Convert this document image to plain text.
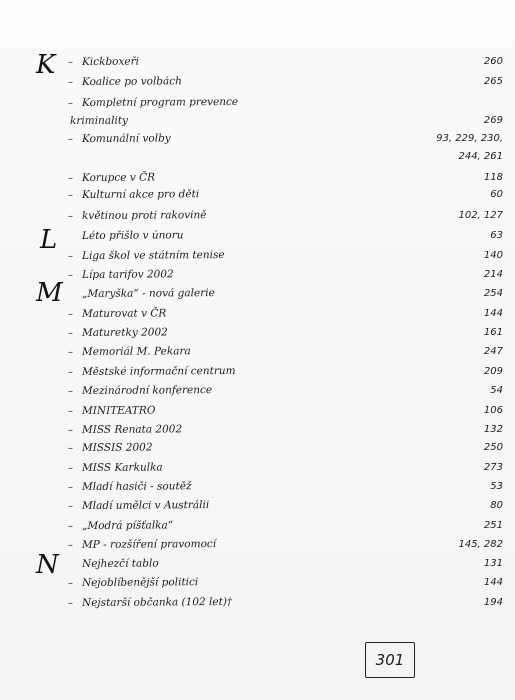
K
L
M
N
– Kickboxeři	260
– Koalice po volbách	265
– Kompletní program prevence
kriminality	269
– Komunální volby	93, 229, 230,
244, 261
– Korupce v ČR	118
– Kulturní akce pro děti	60
– květinou proti rakovině	102, 127
Léto přišlo v únoru	63
– Liga škol ve státním tenise	140
– Lípa tarifov 2002	214
„Maryška“ - nová galerie	254
– Maturovat v ČR	144
– Maturetky 2002	161
– Memoriál M. Pekara	247
– Městské informační centrum	209
– Mezinárodní konference	54
– MINITEATRO	106
– MISS Renata 2002	132
– MISSIS 2002	250
– MISS Karkulka	273
– Mladí hasiči - soutěž	53
– Mladí umělci v Austrálii	80
– „Modrá píšťalka“	251
– MP - rozšíření pravomocí	145, 282
Nejhezčí tablo	131
– Nejoblíbenější politici	144
– Nejstarší občanka (102 let)†	194
301
